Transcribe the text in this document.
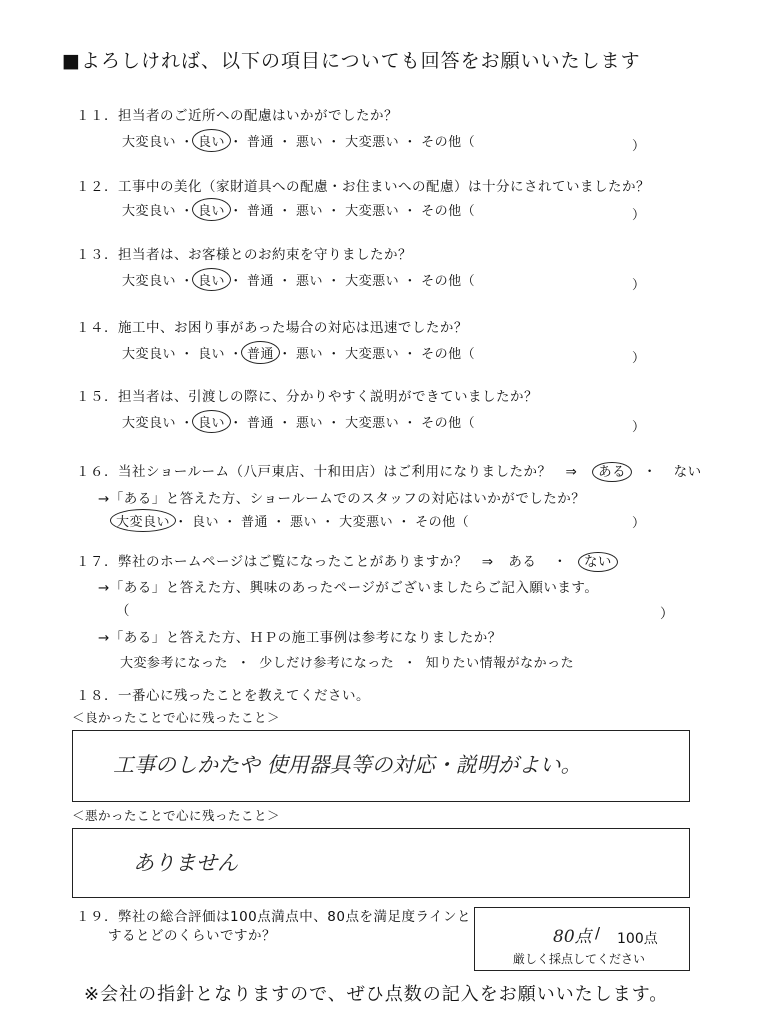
■よろしければ、以下の項目についても回答をお願いいたします
１１．担当者のご近所への配慮はいかがでしたか？
大変良い ・ 良い ・ 普通 ・ 悪い ・ 大変悪い ・ その他（	）
１２．工事中の美化（家財道具への配慮・お住まいへの配慮）は十分にされていましたか？
大変良い ・ 良い ・ 普通 ・ 悪い ・ 大変悪い ・ その他（	）
１３．担当者は、お客様とのお約束を守りましたか？
大変良い ・ 良い ・ 普通 ・ 悪い ・ 大変悪い ・ その他（	）
１４．施工中、お困り事があった場合の対応は迅速でしたか？
大変良い ・ 良い ・ 普通 ・ 悪い ・ 大変悪い ・ その他（	）
１５．担当者は、引渡しの際に、分かりやすく説明ができていましたか？
大変良い ・ 良い ・ 普通 ・ 悪い ・ 大変悪い ・ その他（	）
１６．当社ショールーム（八戸東店、十和田店）はご利用になりましたか？　⇒ ある ・ ない
→「ある」と答えた方、ショールームでのスタッフの対応はいかがでしたか？
大変良い ・ 良い ・ 普通 ・ 悪い ・ 大変悪い ・ その他（	）
１７．弊社のホームページはご覧になったことがありますか？　⇒ ある ・ ない
→「ある」と答えた方、興味のあったページがございましたらご記入願います。
（	）
→「ある」と答えた方、ＨＰの施工事例は参考になりましたか？
大変参考になった ・ 少しだけ参考になった ・ 知りたい情報がなかった
１８．一番心に残ったことを教えてください。
＜良かったことで心に残ったこと＞
工事のしかたや 使用器具等の対応・説明がよい。
＜悪かったことで心に残ったこと＞
ありません
１９．弊社の総合評価は100点満点中、80点を満足度ラインと
するとどのくらいですか？	80点 / 100点
厳しく採点してください
※会社の指針となりますので、ぜひ点数の記入をお願いいたします。
